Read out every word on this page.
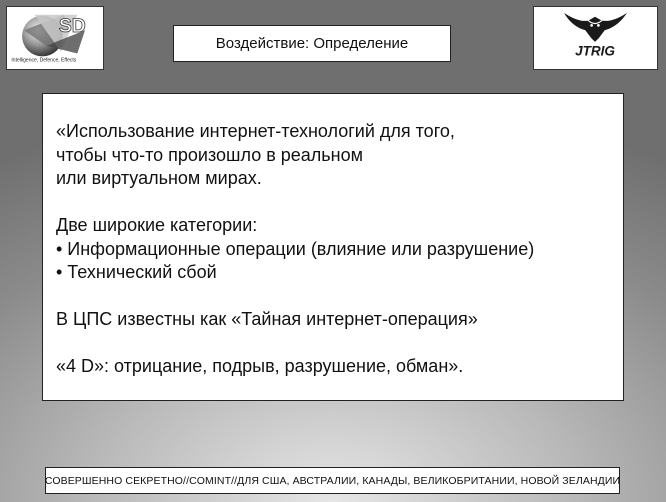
SD
Intelligence, Defence, Effects
Воздействие: Определение	JTRIG

«Использование интернет-технологий для того,

чтобы что-то произошло в реальном

или виртуальном мирах.

Две широкие категории:

• Информационные операции (влияние или разрушение)

• Технический сбой

В ЦПС известны как «Тайная интернет-операция»

«4 D»: отрицание, подрыв, разрушение, обман».

СОВЕРШЕННО СЕКРЕТНО//COMINT//ДЛЯ США, АВСТРАЛИИ, КАНАДЫ, ВЕЛИКОБРИТАНИИ, НОВОЙ ЗЕЛАНДИИ
